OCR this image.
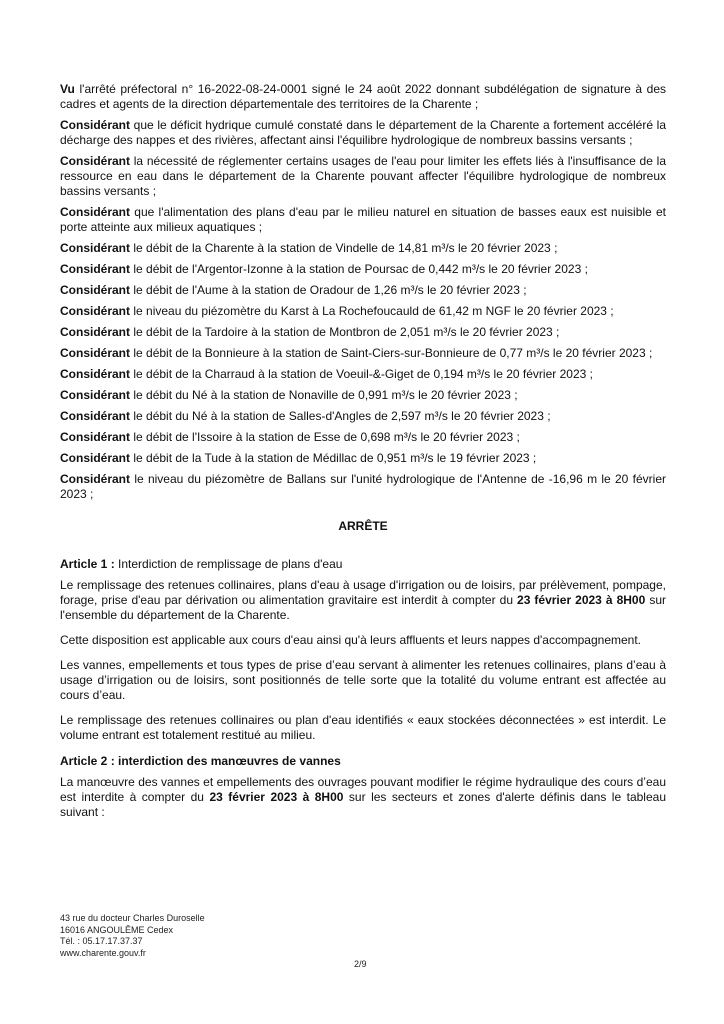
Vu l'arrêté préfectoral n° 16-2022-08-24-0001 signé le 24 août 2022 donnant subdélégation de signature à des cadres et agents de la direction départementale des territoires de la Charente ;

Considérant que le déficit hydrique cumulé constaté dans le département de la Charente a fortement accéléré la décharge des nappes et des rivières, affectant ainsi l'équilibre hydrologique de nombreux bassins versants ;

Considérant la nécessité de réglementer certains usages de l'eau pour limiter les effets liés à l'insuffisance de la ressource en eau dans le département de la Charente pouvant affecter l'équilibre hydrologique de nombreux bassins versants ;

Considérant que l'alimentation des plans d'eau par le milieu naturel en situation de basses eaux est nuisible et porte atteinte aux milieux aquatiques ;

Considérant le débit de la Charente à la station de Vindelle de 14,81 m³/s le 20 février 2023 ;

Considérant le débit de l'Argentor-Izonne à la station de Poursac de 0,442 m³/s le 20 février 2023 ;

Considérant le débit de l'Aume à la station de Oradour de 1,26 m³/s le 20 février 2023 ;

Considérant le niveau du piézomètre du Karst à La Rochefoucauld de 61,42 m NGF le 20 février 2023 ;

Considérant le débit de la Tardoire à la station de Montbron de 2,051 m³/s le 20 février 2023 ;

Considérant le débit de la Bonnieure à la station de Saint-Ciers-sur-Bonnieure de 0,77 m³/s le 20 février 2023 ;

Considérant le débit de la Charraud à la station de Voeuil-&-Giget de 0,194 m³/s le 20 février 2023 ;

Considérant le débit du Né à la station de Nonaville de 0,991 m³/s le 20 février 2023 ;

Considérant le débit du Né à la station de Salles-d'Angles de 2,597 m³/s le 20 février 2023 ;

Considérant le débit de l'Issoire à la station de Esse de 0,698 m³/s le 20 février 2023 ;

Considérant le débit de la Tude à la station de Médillac de 0,951 m³/s le 19 février 2023 ;

Considérant le niveau du piézomètre de Ballans sur l'unité hydrologique de l'Antenne de -16,96 m le 20 février 2023 ;

ARRÊTE

Article 1 : Interdiction de remplissage de plans d'eau

Le remplissage des retenues collinaires, plans d'eau à usage d'irrigation ou de loisirs, par prélèvement, pompage, forage, prise d'eau par dérivation ou alimentation gravitaire est interdit à compter du 23 février 2023 à 8H00 sur l'ensemble du département de la Charente.

Cette disposition est applicable aux cours d'eau ainsi qu'à leurs affluents et leurs nappes d'accompagnement.

Les vannes, empellements et tous types de prise d’eau servant à alimenter les retenues collinaires, plans d’eau à usage d’irrigation ou de loisirs, sont positionnés de telle sorte que la totalité du volume entrant est affectée au cours d’eau.

Le remplissage des retenues collinaires ou plan d'eau identifiés « eaux stockées déconnectées » est interdit. Le volume entrant est totalement restitué au milieu.

Article 2 : interdiction des manœuvres de vannes

La manœuvre des vannes et empellements des ouvrages pouvant modifier le régime hydraulique des cours d’eau est interdite à compter du 23 février 2023 à 8H00 sur les secteurs et zones d'alerte définis dans le tableau suivant :

43 rue du docteur Charles Duroselle
16016 ANGOULÊME Cedex
Tél. : 05.17.17.37.37
www.charente.gouv.fr
2/9
